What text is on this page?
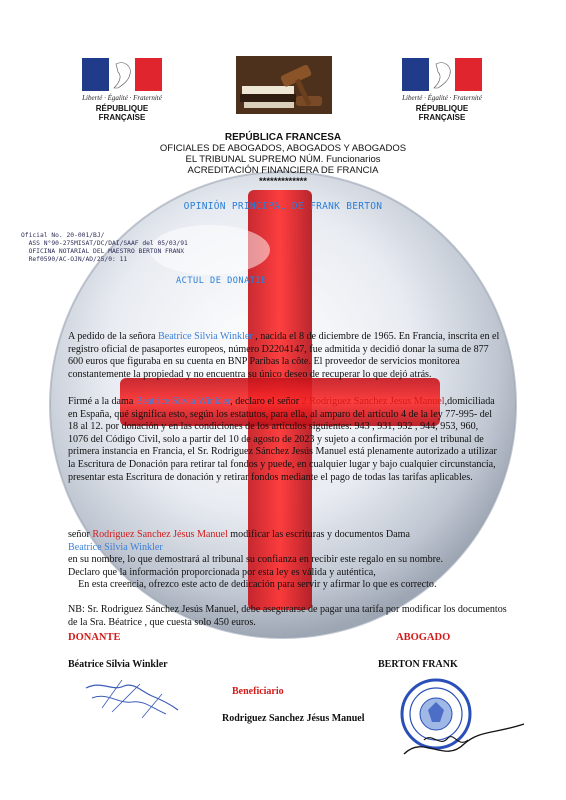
Liberté · Égalité · Fraternité
RÉPUBLIQUE FRANÇAISE
Liberté · Égalité · Fraternité
RÉPUBLIQUE FRANÇAISE
REPÚBLICA FRANCESA
OFICIALES DE ABOGADOS, ABOGADOS Y ABOGADOS
EL TRIBUNAL SUPREMO NÚM. Funcionarios
ACREDITACIÓN FINANCIERA DE FRANCIA
*************
OPINIÓN PRINCIPAL DE FRANK BERTON
Oficial No. 20-001/BJ/
ASS N°90-275MISAT/DC/DAI/SAAF del 05/03/91
OFICINA NOTARIAL DEL MAESTRO BERTON FRANX
Ref0590/AC-OJN/AD/25/0: 11
ACTUL DE DONATIE
A pedido de la señora Beatrice Silvia Winkler , nacida el 8 de diciembre de 1965. En Francia, inscrita en el registro oficial de pasaportes europeos, número D2204147, fue admitida y decidió donar la suma de 877 600 euros que figuraba en su cuenta en BNP Paribas la côte. El proveedor de servicios monitorea constantemente la propiedad y no encuentra su único deseo de recuperar lo que dejó atrás.
Firmé a la dama Beatrice Silvia Winkler, declaro el señor 2 Rodriguez Sanchez Jesus Manuel,domiciliada en España, qué significa esto, según los estatutos, para ella, al amparo del artículo 4 de la ley 77-995- del 18 al 12. por donación y en las condiciones de los artículos siguientes: 943 , 931, 932 , 944, 953, 960, 1076 del Código Civil, solo a partir del 10 de agosto de 2023 y sujeto a confirmación por el tribunal de primera instancia en Francia, el Sr. Rodriguez Sánchez Jesús Manuel está plenamente autorizado a utilizar la Escritura de Donación para retirar tal fondos y puede, en cualquier lugar y bajo cualquier circunstancia, presentar esta Escritura de donación y retirar fondos mediante el pago de todas las tarifas aplicables.
señor Rodriguez Sanchez Jésus Manuel modificar las escrituras y documentos Dama
Beatrice Silvia Winkler
en su nombre, lo que demostrará al tribunal su confianza en recibir este regalo en su nombre.
Declaro que la información proporcionada por esta ley es válida y auténtica,
En esta creencia, ofrezco este acto de dedicación para servir y afirmar lo que es correcto.
NB: Sr. Rodriguez Sánchez Jesús Manuel, debe asegurarse de pagar una tarifa por modificar los documentos de la Sra. Béatrice , que cuesta solo 450 euros.
DONANTE	ABOGADO
Béatrice Silvia Winkler	BERTON FRANK
Beneficiario
Rodriguez Sanchez Jésus Manuel
